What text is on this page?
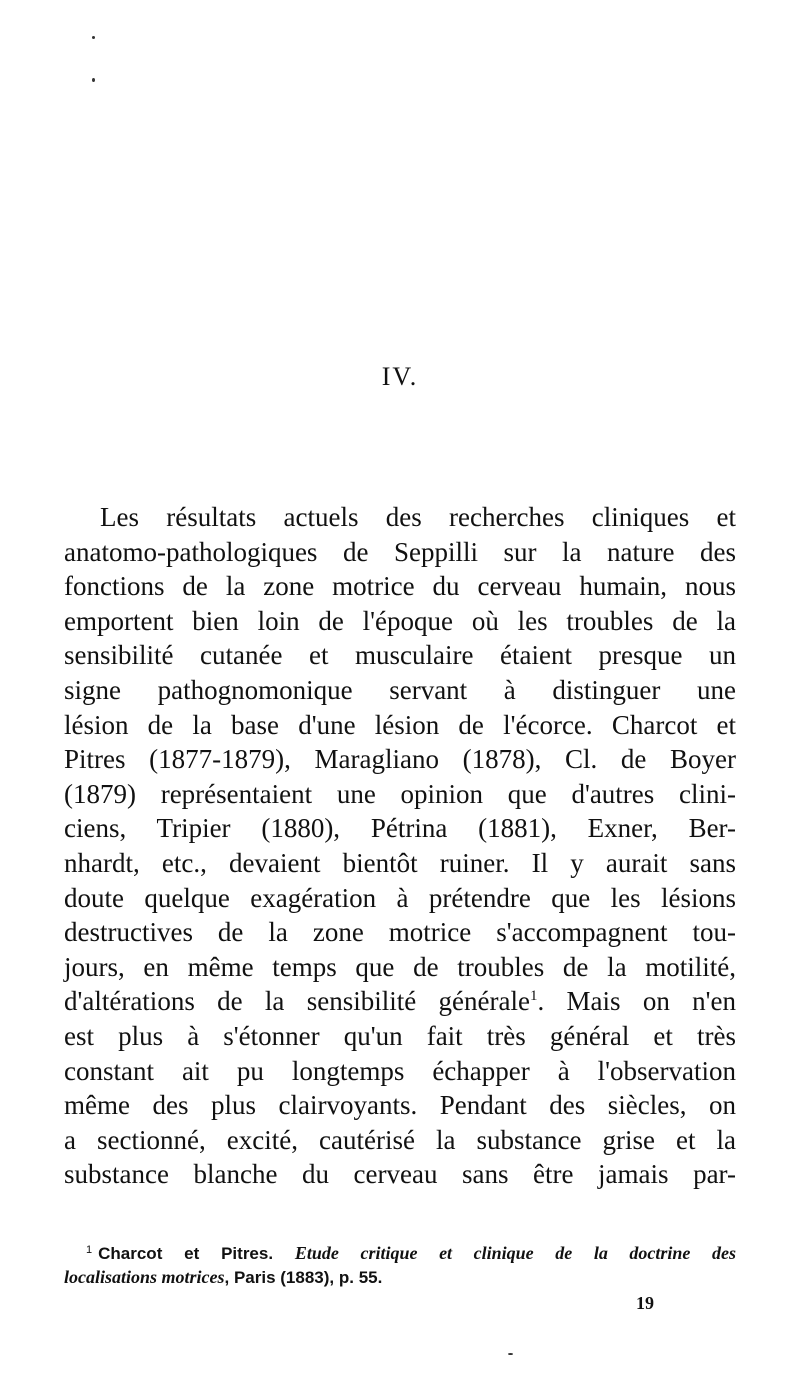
IV.
Les résultats actuels des recherches cliniques et
anatomo-pathologiques de Seppilli sur la nature des
fonctions de la zone motrice du cerveau humain, nous
emportent bien loin de l'époque où les troubles de la
sensibilité cutanée et musculaire étaient presque un
signe pathognomonique servant à distinguer une
lésion de la base d'une lésion de l'écorce. Charcot et
Pitres (1877-1879), Maragliano (1878), Cl. de Boyer
(1879) représentaient une opinion que d'autres clini-
ciens, Tripier (1880), Pétrina (1881), Exner, Ber-
nhardt, etc., devaient bientôt ruiner. Il y aurait sans
doute quelque exagération à prétendre que les lésions
destructives de la zone motrice s'accompagnent tou-
jours, en même temps que de troubles de la motilité,
d'altérations de la sensibilité générale$^1$. Mais on n'en
est plus à s'étonner qu'un fait très général et très
constant ait pu longtemps échapper à l'observation
même des plus clairvoyants. Pendant des siècles, on
a sectionné, excité, cautérisé la substance grise et la
substance blanche du cerveau sans être jamais par-
$^1$ Charcot et Pitres. Etude critique et clinique de la doctrine des
localisations motrices, Paris (1883), p. 55.
19
